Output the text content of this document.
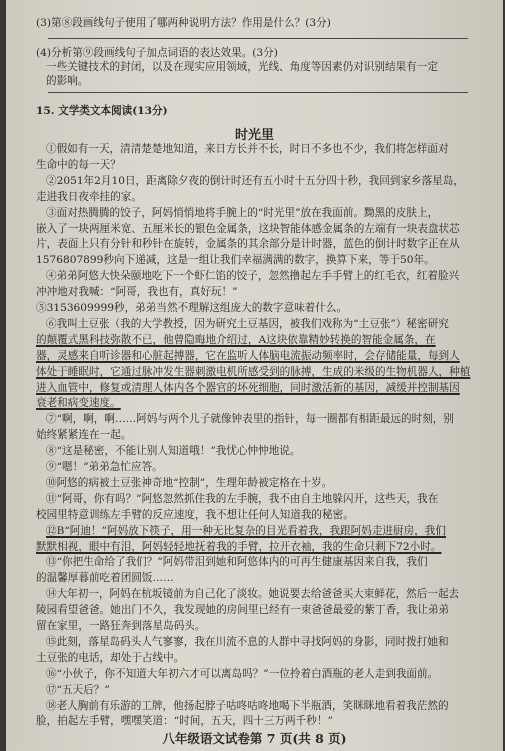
(3)第⑧段画线句子使用了哪两种说明方法？作用是什么？(3分)
(4)分析第⑨段画线句子加点词语的表达效果。(3分)
一些关键技术的封闭，以及在现实应用领域，光线、角度等因素仍对识别结果有一定
的影响。
15. 文学类文本阅读(13分)
时光里
①假如有一天，清清楚楚地知道，来日方长并不长，时日不多也不少，我们将怎样面对
生命中的每一天？
②2051年2月10日，距离除夕夜的倒计时还有五小时十五分四十秒，我回到家乡落星岛，
走进我日夜牵挂的家。
③面对热腾腾的饺子，阿妈悄悄地将手腕上的“时光里”放在我面前。黝黑的皮肤上，
嵌入了一块两厘米宽、五厘米长的银色金属条，这块智能体感金属条的左端有一块表盘状芯
片，表面上只有分针和秒针在旋转，金属条的其余部分是计时器，蓝色的倒计时数字正在从
1576807899秒向下递减，这是一组让我们幸福满满的数字，换算下来，等于50年。
④弟弟阿悠大快朵颐地吃下一个虾仁馅的饺子，忽然撸起左手手臂上的红毛衣，红着脸兴
冲冲地对我喊：“阿哥，我也有，真好玩！”
⑤3153609999秒，弟弟当然不理解这组庞大的数字意味着什么。
⑥我叫土豆张（我的大学教授，因为研究土豆基因，被我们戏称为“土豆张”）秘密研究
的颠覆式黑科技弥散不已，他曾隐晦地介绍过，A这块依靠精妙转换的智能金属条，在
器，灵感来自听诊器和心脏起搏器，它在监听人体脑电流振动频率时，会存储能量，每到人
体处于睡眠时，它通过脉冲发生器刺激电机所感受到的脉搏，生成的米级的生物机器人，种植
进入血管中，修复或清理人体内各个器官的坏死细胞，同时激活新的基因，减缓并控制基因
衰老和病变速度。
⑦“啊，啊，啊……阿妈与两个儿子就像钟表里的指针，每一圈都有相距最远的时刻，别
始终紧紧连在一起。
⑧“这是秘密，不能让别人知道哦！”我忧心忡忡地说。
⑨“嗯！”弟弟急忙应答。
⑩阿悠的病被土豆张神奇地“控制”，生理年龄被定格在十岁。
⑪“阿哥，你有吗？”阿悠忽然抓住我的左手腕，我不由自主地躲闪开，这些天，我在
校园里特意训练左手臂的反应速度，我不想让任何人知道我的秘密。
⑫B“阿迪！”阿妈放下筷子，用一种无比复杂的目光看着我，我跟阿妈走进厨房，我们
默默相视，眼中有泪，阿妈轻轻地抚着我的手臂，拉开衣袖，我的生命只剩下72小时。
⑬“你把生命给了我们？”阿妈带泪到她和阿悠体内的可再生健康基因来自我，我们
的温馨厚暮前吃着团圆饭……
⑭大年初一，阿妈在杭坂镜前为自己化了淡妆。她说要去给爸爸买大束鲜花，然后一起去
陵园看望爸爸。她出门不久，我发现她的房间里已经有一束爸爸最爱的紫丁香，我让弟弟
留在家里，一路狂奔到落星岛码头。
⑮此刻，落星岛码头人气寥寥，我在川流不息的人群中寻找阿妈的身影，同时拨打她和
土豆张的电话，却处于占线中。
⑯“小伙子，你不知道大年初六才可以离岛吗？”一位拎着白酒瓶的老人走到我面前。
⑰“五天后？”
⑱老人胸前有乐游的工牌，他扬起脖子咕咚咕咚地喝下半瓶酒，笑眯眯地看着我茫然的
脸，拍起左手臂，嘿嘿笑道：“时间，五天，四十三万两千秒！”
八年级语文试卷第 7 页(共 8 页)
